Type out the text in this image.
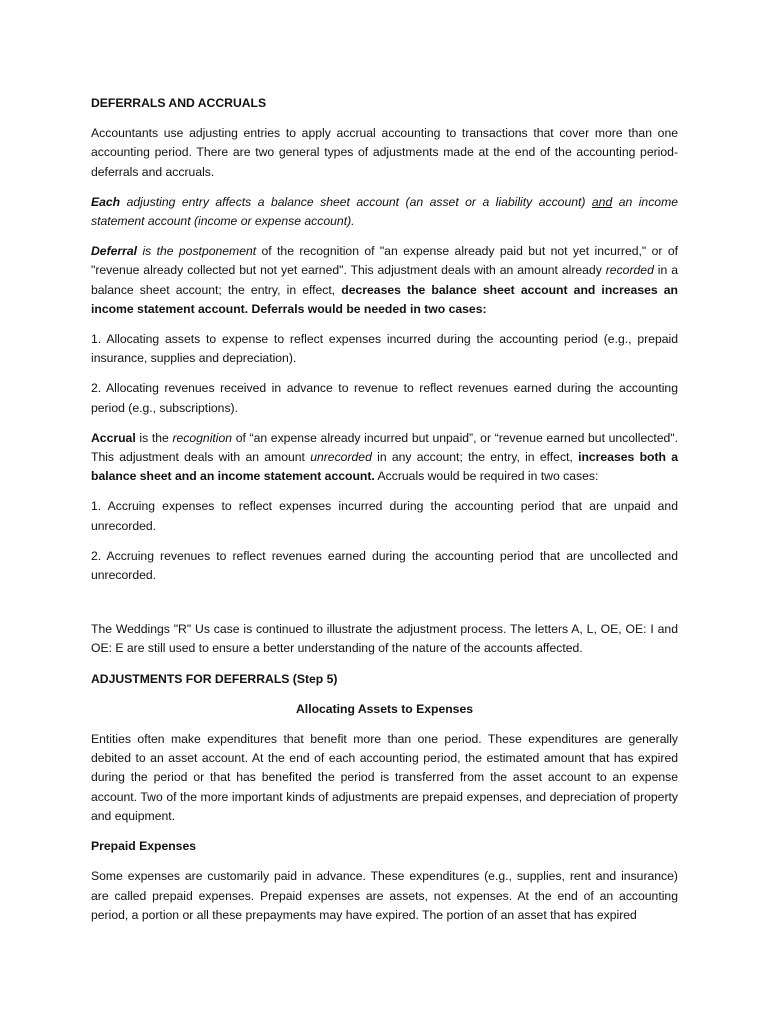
DEFERRALS AND ACCRUALS

Accountants use adjusting entries to apply accrual accounting to transactions that cover more than one accounting period. There are two general types of adjustments made at the end of the accounting period- deferrals and accruals.

Each adjusting entry affects a balance sheet account (an asset or a liability account) and an income statement account (income or expense account).

Deferral is the postponement of the recognition of "an expense already paid but not yet incurred," or of "revenue already collected but not yet earned". This adjustment deals with an amount already recorded in a balance sheet account; the entry, in effect, decreases the balance sheet account and increases an income statement account. Deferrals would be needed in two cases:

1. Allocating assets to expense to reflect expenses incurred during the accounting period (e.g., prepaid insurance, supplies and depreciation).

2. Allocating revenues received in advance to revenue to reflect revenues earned during the accounting period (e.g., subscriptions).

Accrual is the recognition of “an expense already incurred but unpaid”, or “revenue earned but uncollected". This adjustment deals with an amount unrecorded in any account; the entry, in effect, increases both a balance sheet and an income statement account. Accruals would be required in two cases:

1. Accruing expenses to reflect expenses incurred during the accounting period that are unpaid and unrecorded.

2. Accruing revenues to reflect revenues earned during the accounting period that are uncollected and unrecorded.

The Weddings "R" Us case is continued to illustrate the adjustment process. The letters A, L, OE, OE: I and OE: E are still used to ensure a better understanding of the nature of the accounts affected.

ADJUSTMENTS FOR DEFERRALS (Step 5)

Allocating Assets to Expenses

Entities often make expenditures that benefit more than one period. These expenditures are generally debited to an asset account. At the end of each accounting period, the estimated amount that has expired during the period or that has benefited the period is transferred from the asset account to an expense account. Two of the more important kinds of adjustments are prepaid expenses, and depreciation of property and equipment.

Prepaid Expenses

Some expenses are customarily paid in advance. These expenditures (e.g., supplies, rent and insurance) are called prepaid expenses. Prepaid expenses are assets, not expenses. At the end of an accounting period, a portion or all these prepayments may have expired. The portion of an asset that has expired
